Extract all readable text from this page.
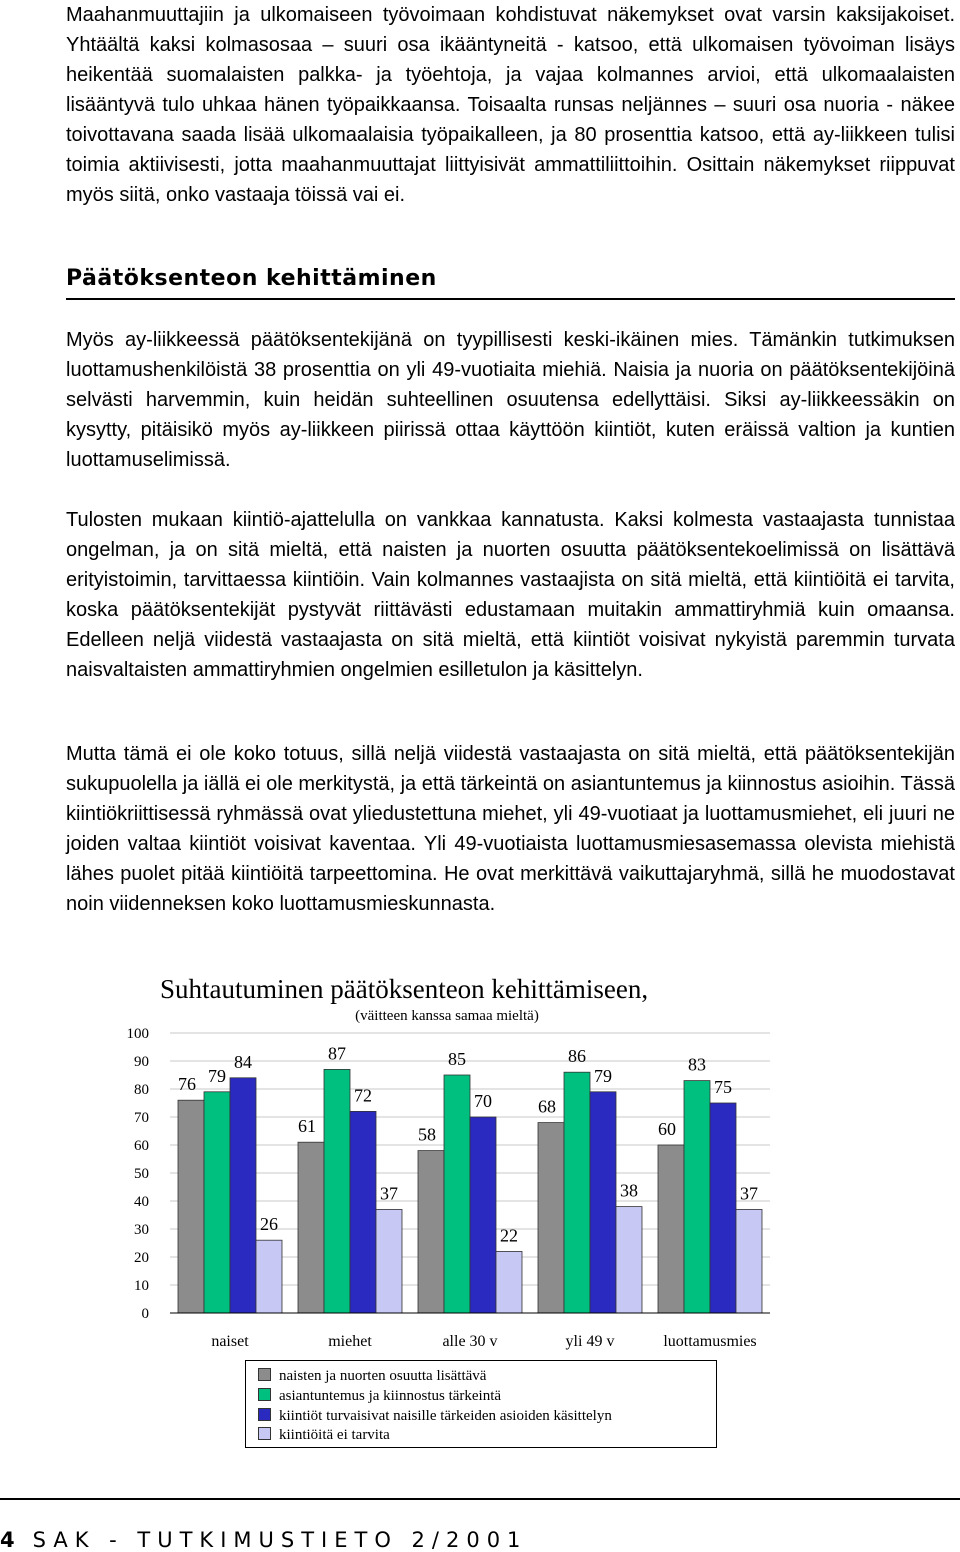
Maahanmuuttajiin ja ulkomaiseen työvoimaan kohdistuvat näkemykset ovat varsin kaksijakoiset. Yhtäältä kaksi kolmasosaa – suuri osa ikääntyneitä - katsoo, että ulkomaisen työvoiman lisäys heikentää suomalaisten palkka- ja työehtoja, ja vajaa kolmannes arvioi, että ulkomaalaisten lisääntyvä tulo uhkaa hänen työpaikkaansa. Toisaalta runsas neljännes – suuri osa nuoria - näkee toivottavana saada lisää ulkomaalaisia työpaikalleen, ja 80 prosenttia katsoo, että ay-liikkeen tulisi toimia aktiivisesti, jotta maahanmuuttajat liittyisivät ammattiliittoihin. Osittain näkemykset riippuvat myös siitä, onko vastaaja töissä vai ei.

Päätöksenteon kehittäminen

Myös ay-liikkeessä päätöksentekijänä on tyypillisesti keski-ikäinen mies. Tämänkin tutkimuksen luottamushenkilöistä 38 prosenttia on yli 49-vuotiaita miehiä. Naisia ja nuoria on päätöksentekijöinä selvästi harvemmin, kuin heidän suhteellinen osuutensa edellyttäisi. Siksi ay-liikkeessäkin on kysytty, pitäisikö myös ay-liikkeen piirissä ottaa käyttöön kiintiöt, kuten eräissä valtion ja kuntien luottamuselimissä.

Tulosten mukaan kiintiö-ajattelulla on vankkaa kannatusta. Kaksi kolmesta vastaajasta tunnistaa ongelman, ja on sitä mieltä, että naisten ja nuorten osuutta päätöksentekoelimissä on lisättävä erityistoimin, tarvittaessa kiintiöin. Vain kolmannes vastaajista on sitä mieltä, että kiintiöitä ei tarvita, koska päätöksentekijät pystyvät riittävästi edustamaan muitakin ammattiryhmiä kuin omaansa. Edelleen neljä viidestä vastaajasta on sitä mieltä, että kiintiöt voisivat nykyistä paremmin turvata naisvaltaisten ammattiryhmien ongelmien esilletulon ja käsittelyn.

Mutta tämä ei ole koko totuus, sillä neljä viidestä vastaajasta on sitä mieltä, että päätöksentekijän sukupuolella ja iällä ei ole merkitystä, ja että tärkeintä on asiantuntemus ja kiinnostus asioihin. Tässä kiintiökriittisessä ryhmässä ovat yliedustettuna miehet, yli 49-vuotiaat ja luottamusmiehet, eli juuri ne joiden valtaa kiintiöt voisivat kaventaa. Yli 49-vuotiaista luottamusmiesasemassa olevista miehistä lähes puolet pitää kiintiöitä tarpeettomina. He ovat merkittävä vaikuttajaryhmä, sillä he muodostavat noin viidenneksen koko luottamusmieskunnasta.

Suhtautuminen päätöksenteon kehittämiseen,
(väitteen kanssa samaa mieltä)
76 79
84
26
61
87
72
37
58
85
70
22
68
86
79
38
60
83
75
37
0
10
20
30
40
50
60
70
80
90
100
naiset	miehet	alle 30 v	yli 49 v	luottamusmies
naisten ja nuorten osuutta lisättävä
asiantuntemus ja kiinnostus tärkeintä
kiintiöt turvaisivat naisille tärkeiden asioiden käsittelyn
kiintiöitä ei tarvita
4 SAK - TUTKIMUSTIETO 2/2001
